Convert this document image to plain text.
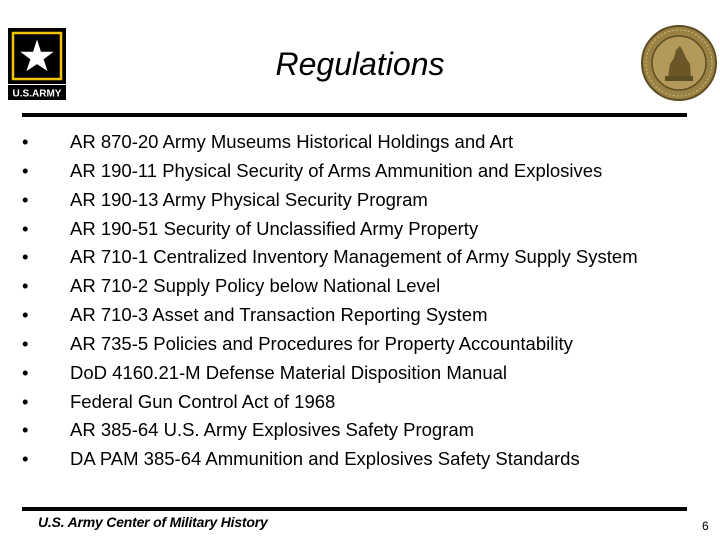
U.S.ARMY
Regulations
•	AR 870-20 Army Museums Historical Holdings and Art
•	AR 190-11 Physical Security of Arms Ammunition and Explosives
•	AR 190-13 Army Physical Security Program
•	AR 190-51 Security of Unclassified Army Property
•	AR 710-1 Centralized Inventory Management of Army Supply System
•	AR 710-2 Supply Policy below National Level
•	AR 710-3 Asset and Transaction Reporting System
•	AR 735-5 Policies and Procedures for Property Accountability
•	DoD 4160.21-M Defense Material Disposition Manual
•	Federal Gun Control Act of 1968
•	AR 385-64 U.S. Army Explosives Safety Program
•	DA PAM 385-64 Ammunition and Explosives Safety Standards
U.S. Army Center of Military History	6
